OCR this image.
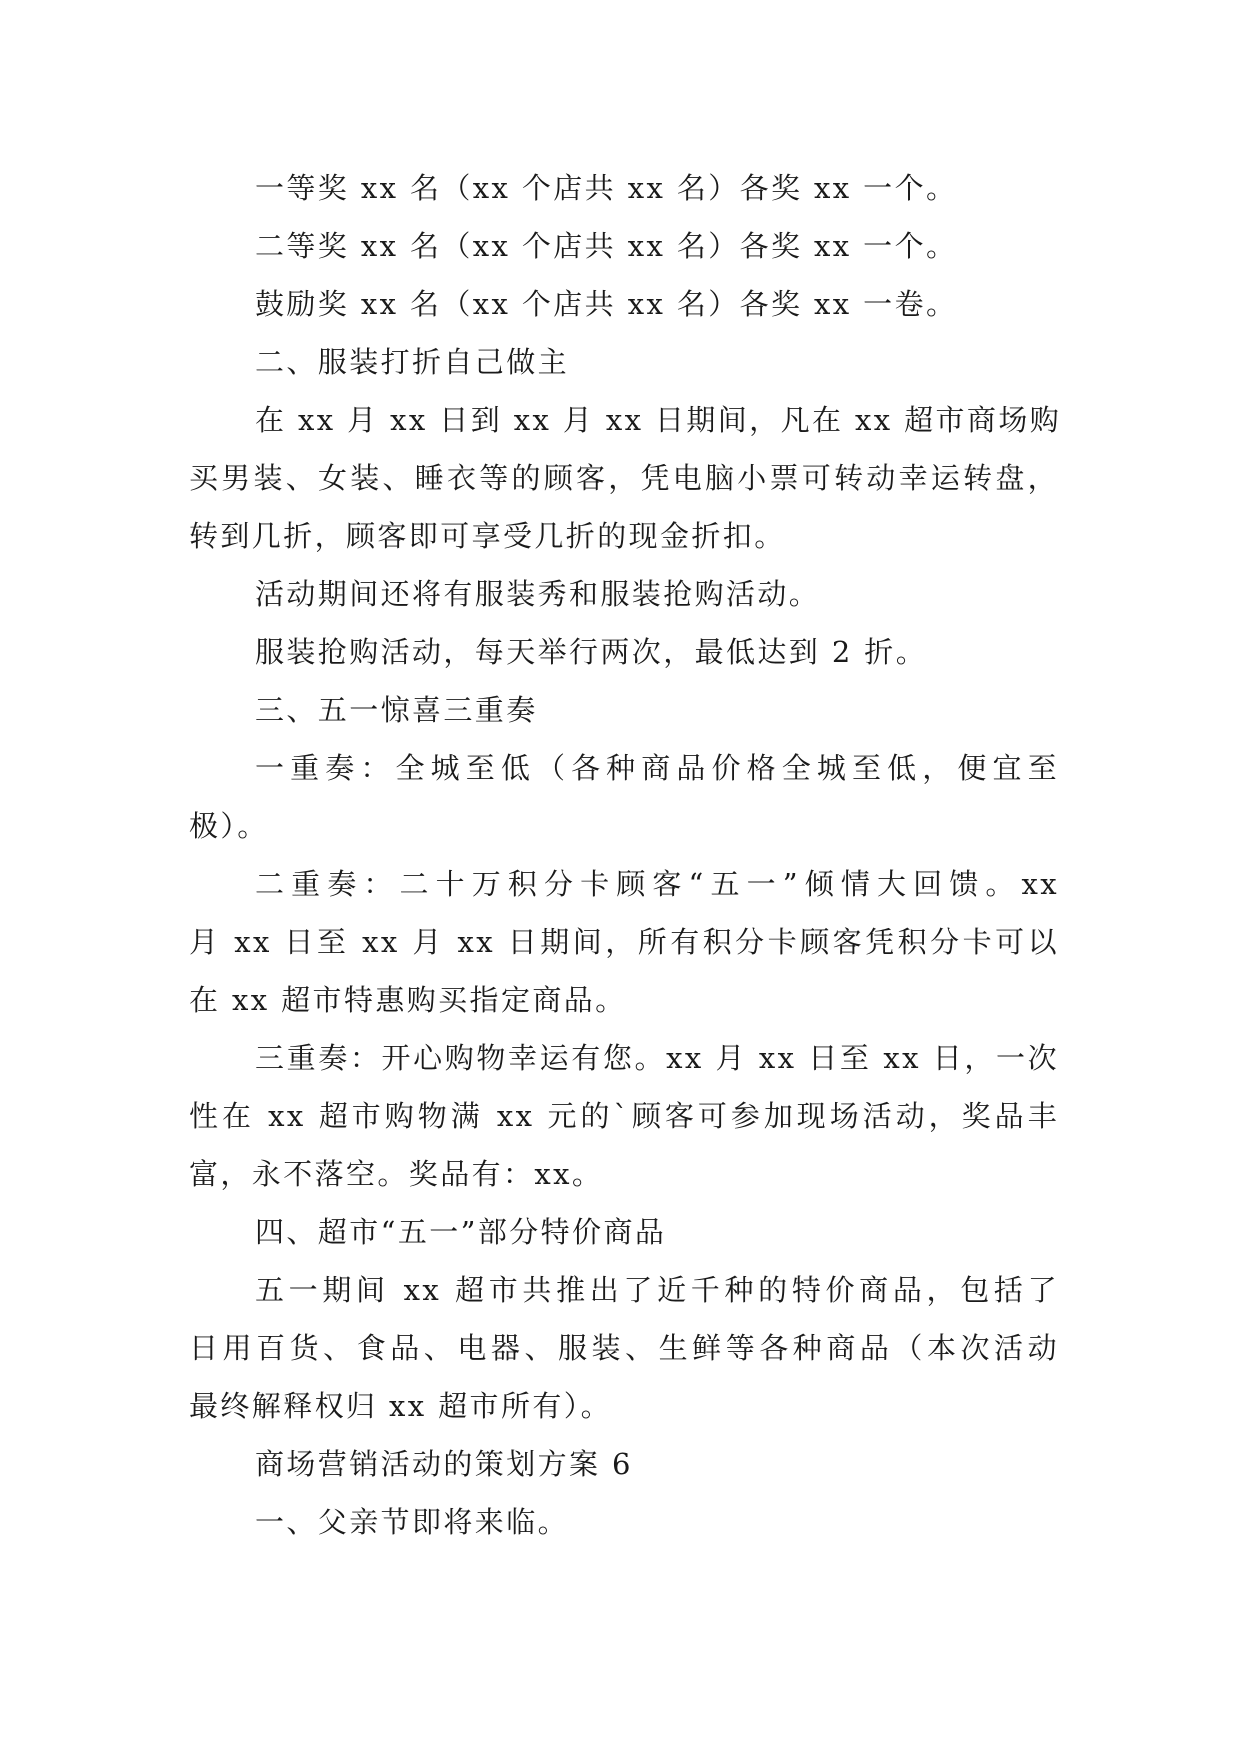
一等奖 xx 名（xx 个店共 xx 名）各奖 xx 一个。
二等奖 xx 名（xx 个店共 xx 名）各奖 xx 一个。
鼓励奖 xx 名（xx 个店共 xx 名）各奖 xx 一卷。
二、服装打折自己做主
在 xx 月 xx 日到 xx 月 xx 日期间，凡在 xx 超市商场购
买男装、女装、睡衣等的顾客，凭电脑小票可转动幸运转盘，
转到几折，顾客即可享受几折的现金折扣。
活动期间还将有服装秀和服装抢购活动。
服装抢购活动，每天举行两次，最低达到 2 折。
三、五一惊喜三重奏
一重奏：全城至低（各种商品价格全城至低，便宜至
极）。
二重奏：二十万积分卡顾客“五一”倾情大回馈。xx
月 xx 日至 xx 月 xx 日期间，所有积分卡顾客凭积分卡可以
在 xx 超市特惠购买指定商品。
三重奏：开心购物幸运有您。xx 月 xx 日至 xx 日，一次
性在 xx 超市购物满 xx 元的`顾客可参加现场活动，奖品丰
富，永不落空。奖品有：xx。
四、超市“五一”部分特价商品
五一期间 xx 超市共推出了近千种的特价商品，包括了
日用百货、食品、电器、服装、生鲜等各种商品（本次活动
最终解释权归 xx 超市所有）。
商场营销活动的策划方案 6
一、父亲节即将来临。
